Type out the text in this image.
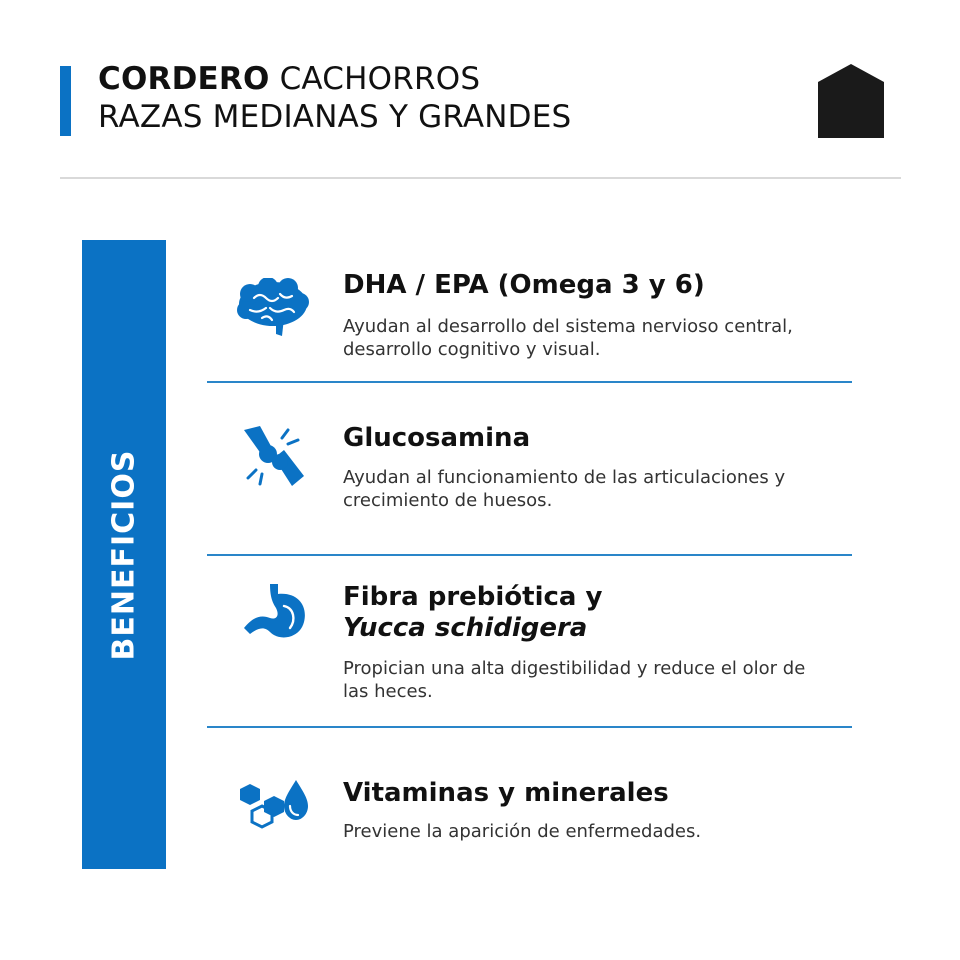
CORDERO CACHORROS
RAZAS MEDIANAS Y GRANDES
BENEFICIOS
DHA / EPA (Omega 3 y 6)
Ayudan al desarrollo del sistema nervioso central, desarrollo cognitivo y visual.
Glucosamina
Ayudan al funcionamiento de las articulaciones y crecimiento de huesos.
Fibra prebiótica y
Yucca schidigera
Propician una alta digestibilidad y reduce el olor de las heces.
Vitaminas y minerales
Previene la aparición de enfermedades.
